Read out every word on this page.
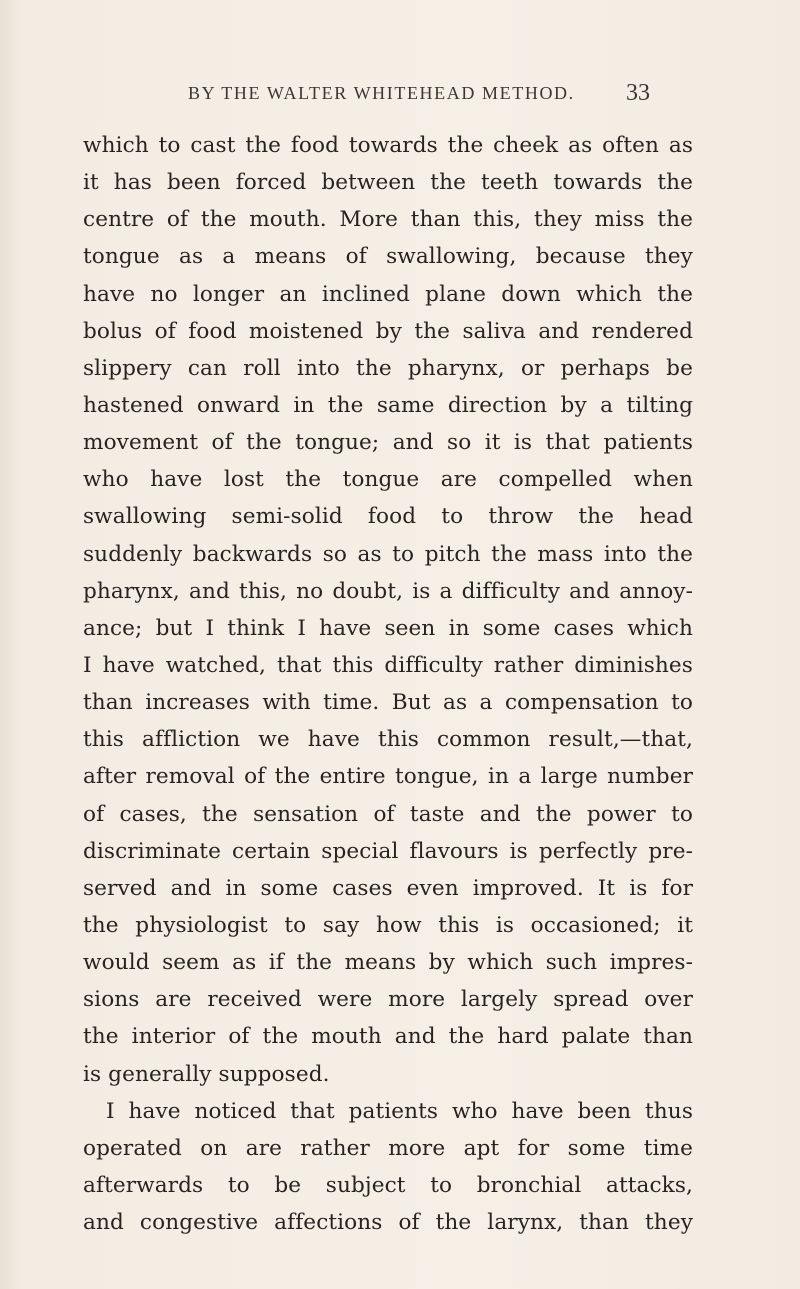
BY THE WALTER WHITEHEAD METHOD.	33
which to cast the food towards the cheek as often as
it has been forced between the teeth towards the
centre of the mouth. More than this, they miss the
tongue as a means of swallowing, because they
have no longer an inclined plane down which the
bolus of food moistened by the saliva and rendered
slippery can roll into the pharynx, or perhaps be
hastened onward in the same direction by a tilting
movement of the tongue; and so it is that patients
who have lost the tongue are compelled when
swallowing semi-solid food to throw the head
suddenly backwards so as to pitch the mass into the
pharynx, and this, no doubt, is a difficulty and annoy-
ance; but I think I have seen in some cases which
I have watched, that this difficulty rather diminishes
than increases with time. But as a compensation to
this affliction we have this common result,—that,
after removal of the entire tongue, in a large number
of cases, the sensation of taste and the power to
discriminate certain special flavours is perfectly pre-
served and in some cases even improved. It is for
the physiologist to say how this is occasioned; it
would seem as if the means by which such impres-
sions are received were more largely spread over
the interior of the mouth and the hard palate than
is generally supposed.
I have noticed that patients who have been thus
operated on are rather more apt for some time
afterwards to be subject to bronchial attacks,
and congestive affections of the larynx, than they
